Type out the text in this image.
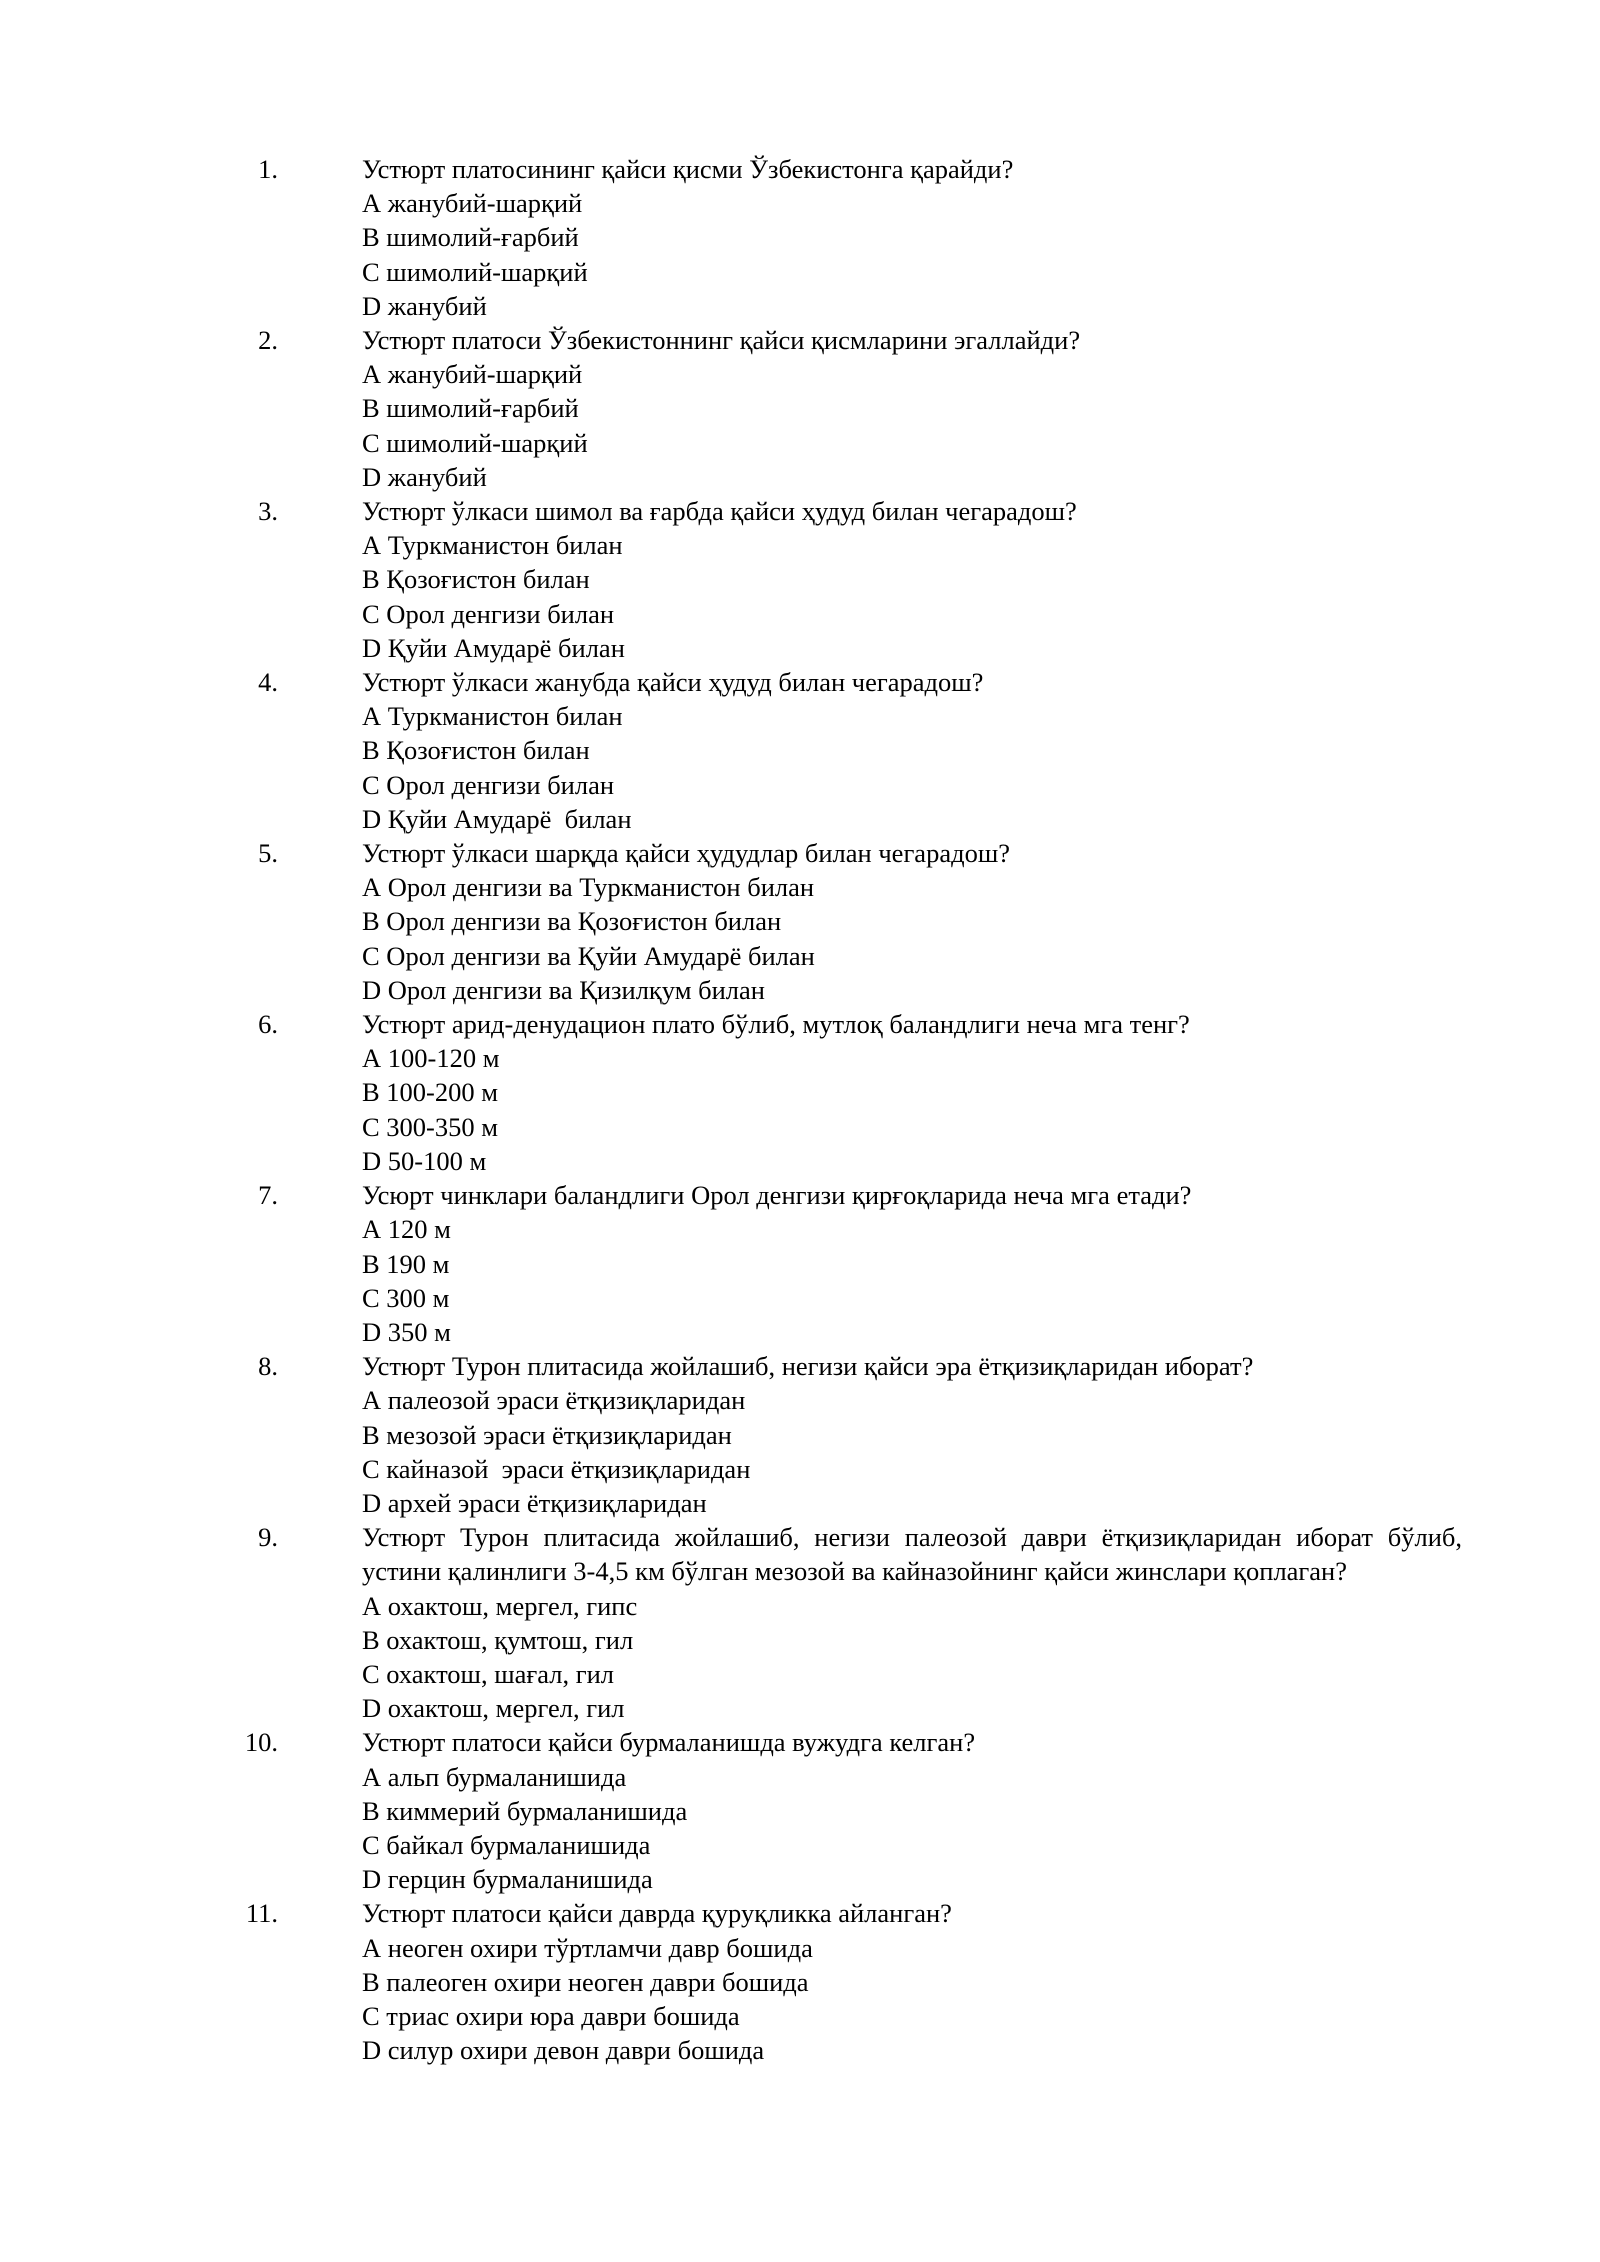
1.	Устюрт платосининг қайси қисми Ўзбекистонга қарайди?
А жанубий-шарқий
В шимолий-ғарбий
С шимолий-шарқий
D жанубий
2.	Устюрт платоси Ўзбекистоннинг қайси қисмларини эгаллайди?
А жанубий-шарқий
В шимолий-ғарбий
С шимолий-шарқий
D жанубий
3.	Устюрт ўлкаси шимол ва ғарбда қайси ҳудуд билан чегарадош?
А Туркманистон билан
В Қозоғистон билан
С Орол денгизи билан
D Қуйи Амударё билан
4.	Устюрт ўлкаси жанубда қайси ҳудуд билан чегарадош?
А Туркманистон билан
В Қозоғистон билан
С Орол денгизи билан
D Қуйи Амударё  билан
5.	Устюрт ўлкаси шарқда қайси ҳудудлар билан чегарадош?
А Орол денгизи ва Туркманистон билан
В Орол денгизи ва Қозоғистон билан
С Орол денгизи ва Қуйи Амударё билан
D Орол денгизи ва Қизилқум билан
6.	Устюрт арид-денудацион плато бўлиб, мутлоқ баландлиги неча мга тенг?
А 100-120 м
В 100-200 м
С 300-350 м
D 50-100 м
7.	Усюрт чинклари баландлиги Орол денгизи қирғоқларида неча мга етади?
А 120 м
В 190 м
С 300 м
D 350 м
8.	Устюрт Турон плитасида жойлашиб, негизи қайси эра ётқизиқларидан иборат?
А палеозой эраси ётқизиқларидан
В мезозой эраси ётқизиқларидан
С кайназой  эраси ётқизиқларидан
D архей эраси ётқизиқларидан
9.	Устюрт Турон плитасида жойлашиб, негизи палеозой даври ётқизиқларидан иборат бўлиб, устини қалинлиги 3-4,5 км бўлган мезозой ва кайназойнинг қайси жинслари қоплаган?
А охактош, мергел, гипс
В охактош, қумтош, гил
С охактош, шағал, гил
D охактош, мергел, гил
10.	Устюрт платоси қайси бурмаланишда вужудга келган?
А альп бурмаланишида
В киммерий бурмаланишида
С байкал бурмаланишида
D герцин бурмаланишида
11.	Устюрт платоси қайси даврда қуруқликка айланган?
А неоген охири тўртламчи давр бошида
В палеоген охири неоген даври бошида
С триас охири юра даври бошида
D силур охири девон даври бошида
